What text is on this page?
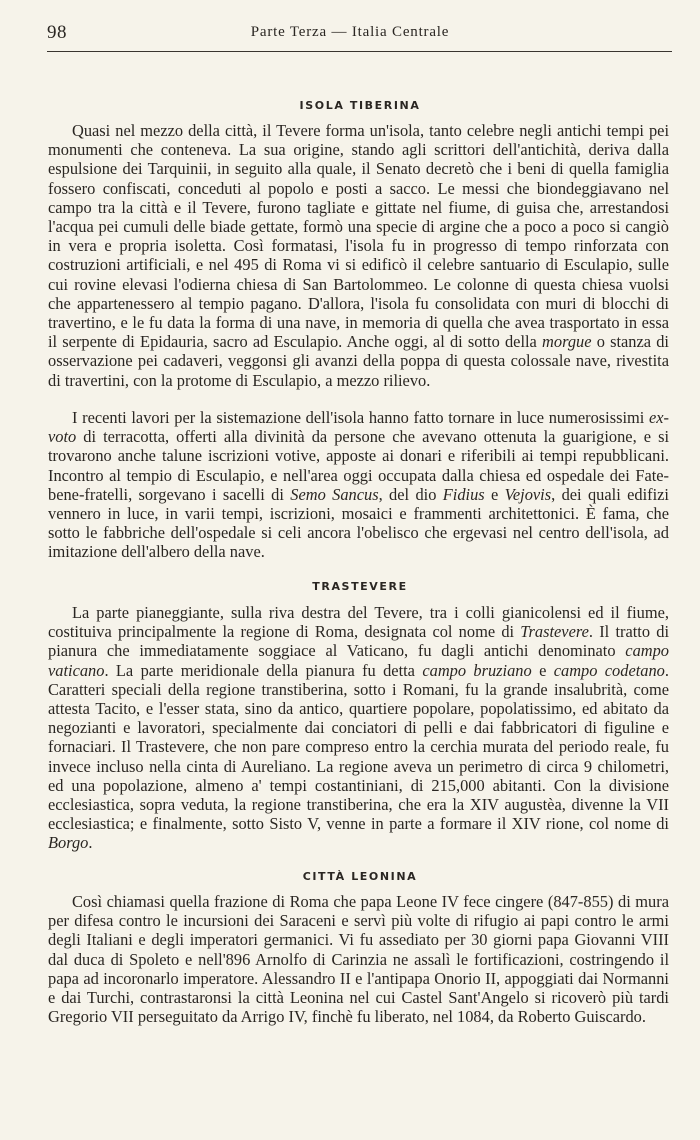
98	Parte Terza — Italia Centrale
ISOLA TIBERINA

Quasi nel mezzo della città, il Tevere forma un'isola, tanto celebre negli antichi tempi pei monumenti che conteneva. La sua origine, stando agli scrittori dell'antichità, deriva dalla espulsione dei Tarquinii, in seguito alla quale, il Senato decretò che i beni di quella famiglia fossero confiscati, conceduti al popolo e posti a sacco. Le messi che biondeggiavano nel campo tra la città e il Tevere, furono tagliate e gittate nel fiume, di guisa che, arrestandosi l'acqua pei cumuli delle biade gettate, formò una specie di argine che a poco a poco si cangiò in vera e propria isoletta. Così formatasi, l'isola fu in progresso di tempo rinforzata con costruzioni artificiali, e nel 495 di Roma vi si edificò il celebre santuario di Esculapio, sulle cui rovine elevasi l'odierna chiesa di San Bartolommeo. Le colonne di questa chiesa vuolsi che appartenessero al tempio pagano. D'allora, l'isola fu consolidata con muri di blocchi di travertino, e le fu data la forma di una nave, in memoria di quella che avea trasportato in essa il serpente di Epidauria, sacro ad Esculapio. Anche oggi, al di sotto della morgue o stanza di osservazione pei cadaveri, veggonsi gli avanzi della poppa di questa colossale nave, rivestita di travertini, con la protome di Esculapio, a mezzo rilievo.

I recenti lavori per la sistemazione dell'isola hanno fatto tornare in luce numerosissimi ex-voto di terracotta, offerti alla divinità da persone che avevano ottenuta la guarigione, e si trovarono anche talune iscrizioni votive, apposte ai donari e riferibili ai tempi repubblicani. Incontro al tempio di Esculapio, e nell'area oggi occupata dalla chiesa ed ospedale dei Fate-bene-fratelli, sorgevano i sacelli di Semo Sancus, del dio Fidius e Vejovis, dei quali edifizi vennero in luce, in varii tempi, iscrizioni, mosaici e frammenti architettonici. È fama, che sotto le fabbriche dell'ospedale si celi ancora l'obelisco che ergevasi nel centro dell'isola, ad imitazione dell'albero della nave.

TRASTEVERE

La parte pianeggiante, sulla riva destra del Tevere, tra i colli gianicolensi ed il fiume, costituiva principalmente la regione di Roma, designata col nome di Trastevere. Il tratto di pianura che immediatamente soggiace al Vaticano, fu dagli antichi denominato campo vaticano. La parte meridionale della pianura fu detta campo bruziano e campo codetano. Caratteri speciali della regione transtiberina, sotto i Romani, fu la grande insalubrità, come attesta Tacito, e l'esser stata, sino da antico, quartiere popolare, popolatissimo, ed abitato da negozianti e lavoratori, specialmente dai conciatori di pelli e dai fabbricatori di figuline e fornaciari. Il Trastevere, che non pare compreso entro la cerchia murata del periodo reale, fu invece incluso nella cinta di Aureliano. La regione aveva un perimetro di circa 9 chilometri, ed una popolazione, almeno a' tempi costantiniani, di 215,000 abitanti. Con la divisione ecclesiastica, sopra veduta, la regione transtiberina, che era la XIV augustèa, divenne la VII ecclesiastica; e finalmente, sotto Sisto V, venne in parte a formare il XIV rione, col nome di Borgo.

CITTÀ LEONINA

Così chiamasi quella frazione di Roma che papa Leone IV fece cingere (847-855) di mura per difesa contro le incursioni dei Saraceni e servì più volte di rifugio ai papi contro le armi degli Italiani e degli imperatori germanici. Vi fu assediato per 30 giorni papa Giovanni VIII dal duca di Spoleto e nell'896 Arnolfo di Carinzia ne assalì le fortificazioni, costringendo il papa ad incoronarlo imperatore. Alessandro II e l'antipapa Onorio II, appoggiati dai Normanni e dai Turchi, contrastaronsi la città Leonina nel cui Castel Sant'Angelo si ricoverò più tardi Gregorio VII perseguitato da Arrigo IV, finchè fu liberato, nel 1084, da Roberto Guiscardo.
